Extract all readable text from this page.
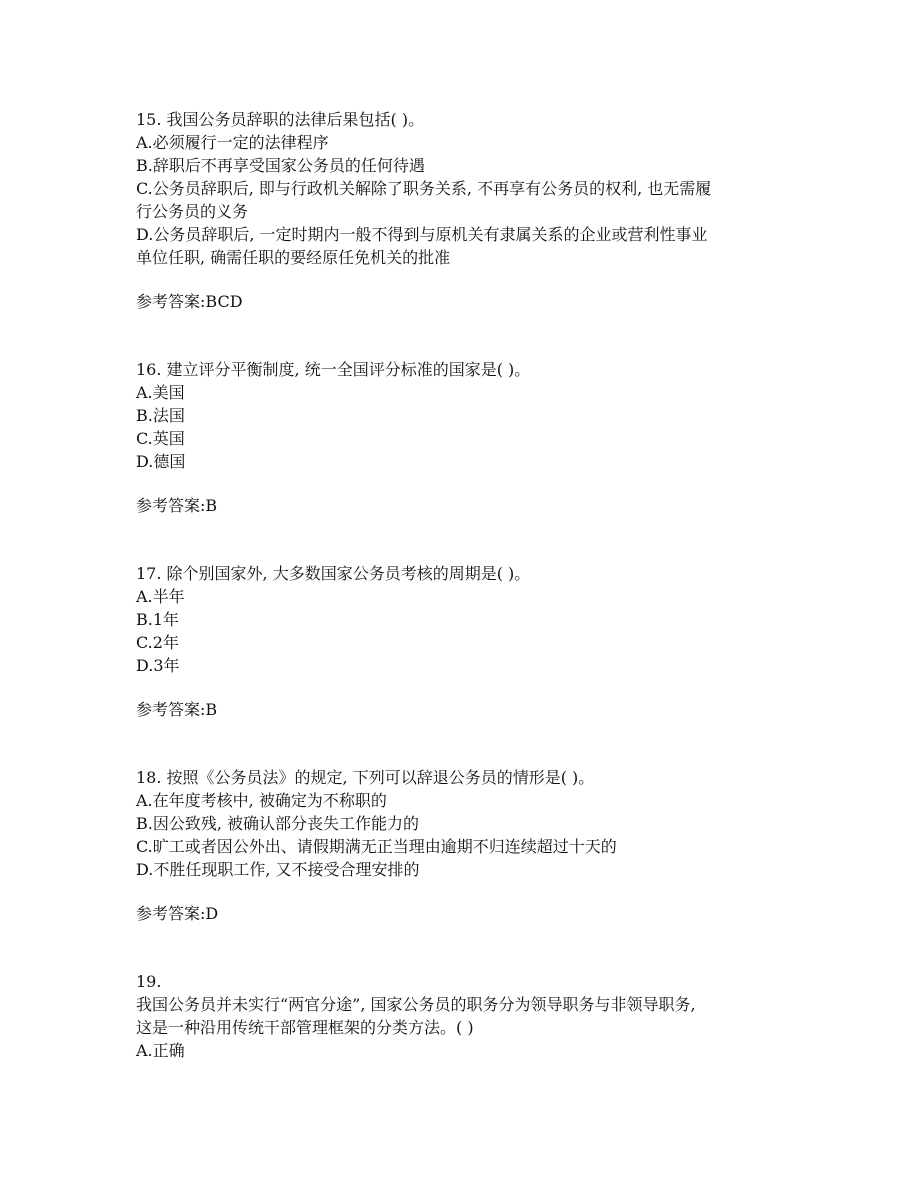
15. 我国公务员辞职的法律后果包括( )。

A.必须履行一定的法律程序

B.辞职后不再享受国家公务员的任何待遇

C.公务员辞职后, 即与行政机关解除了职务关系, 不再享有公务员的权利, 也无需履

行公务员的义务

D.公务员辞职后, 一定时期内一般不得到与原机关有隶属关系的企业或营利性事业

单位任职, 确需任职的要经原任免机关的批准

参考答案:BCD

16. 建立评分平衡制度, 统一全国评分标准的国家是( )。

A.美国

B.法国

C.英国

D.德国

参考答案:B

17. 除个别国家外, 大多数国家公务员考核的周期是( )。

A.半年

B.1年

C.2年

D.3年

参考答案:B

18. 按照《公务员法》的规定, 下列可以辞退公务员的情形是( )。

A.在年度考核中, 被确定为不称职的

B.因公致残, 被确认部分丧失工作能力的

C.旷工或者因公外出、请假期满无正当理由逾期不归连续超过十天的

D.不胜任现职工作, 又不接受合理安排的

参考答案:D

19.

我国公务员并未实行“两官分途”, 国家公务员的职务分为领导职务与非领导职务,

这是一种沿用传统干部管理框架的分类方法。( )

A.正确
